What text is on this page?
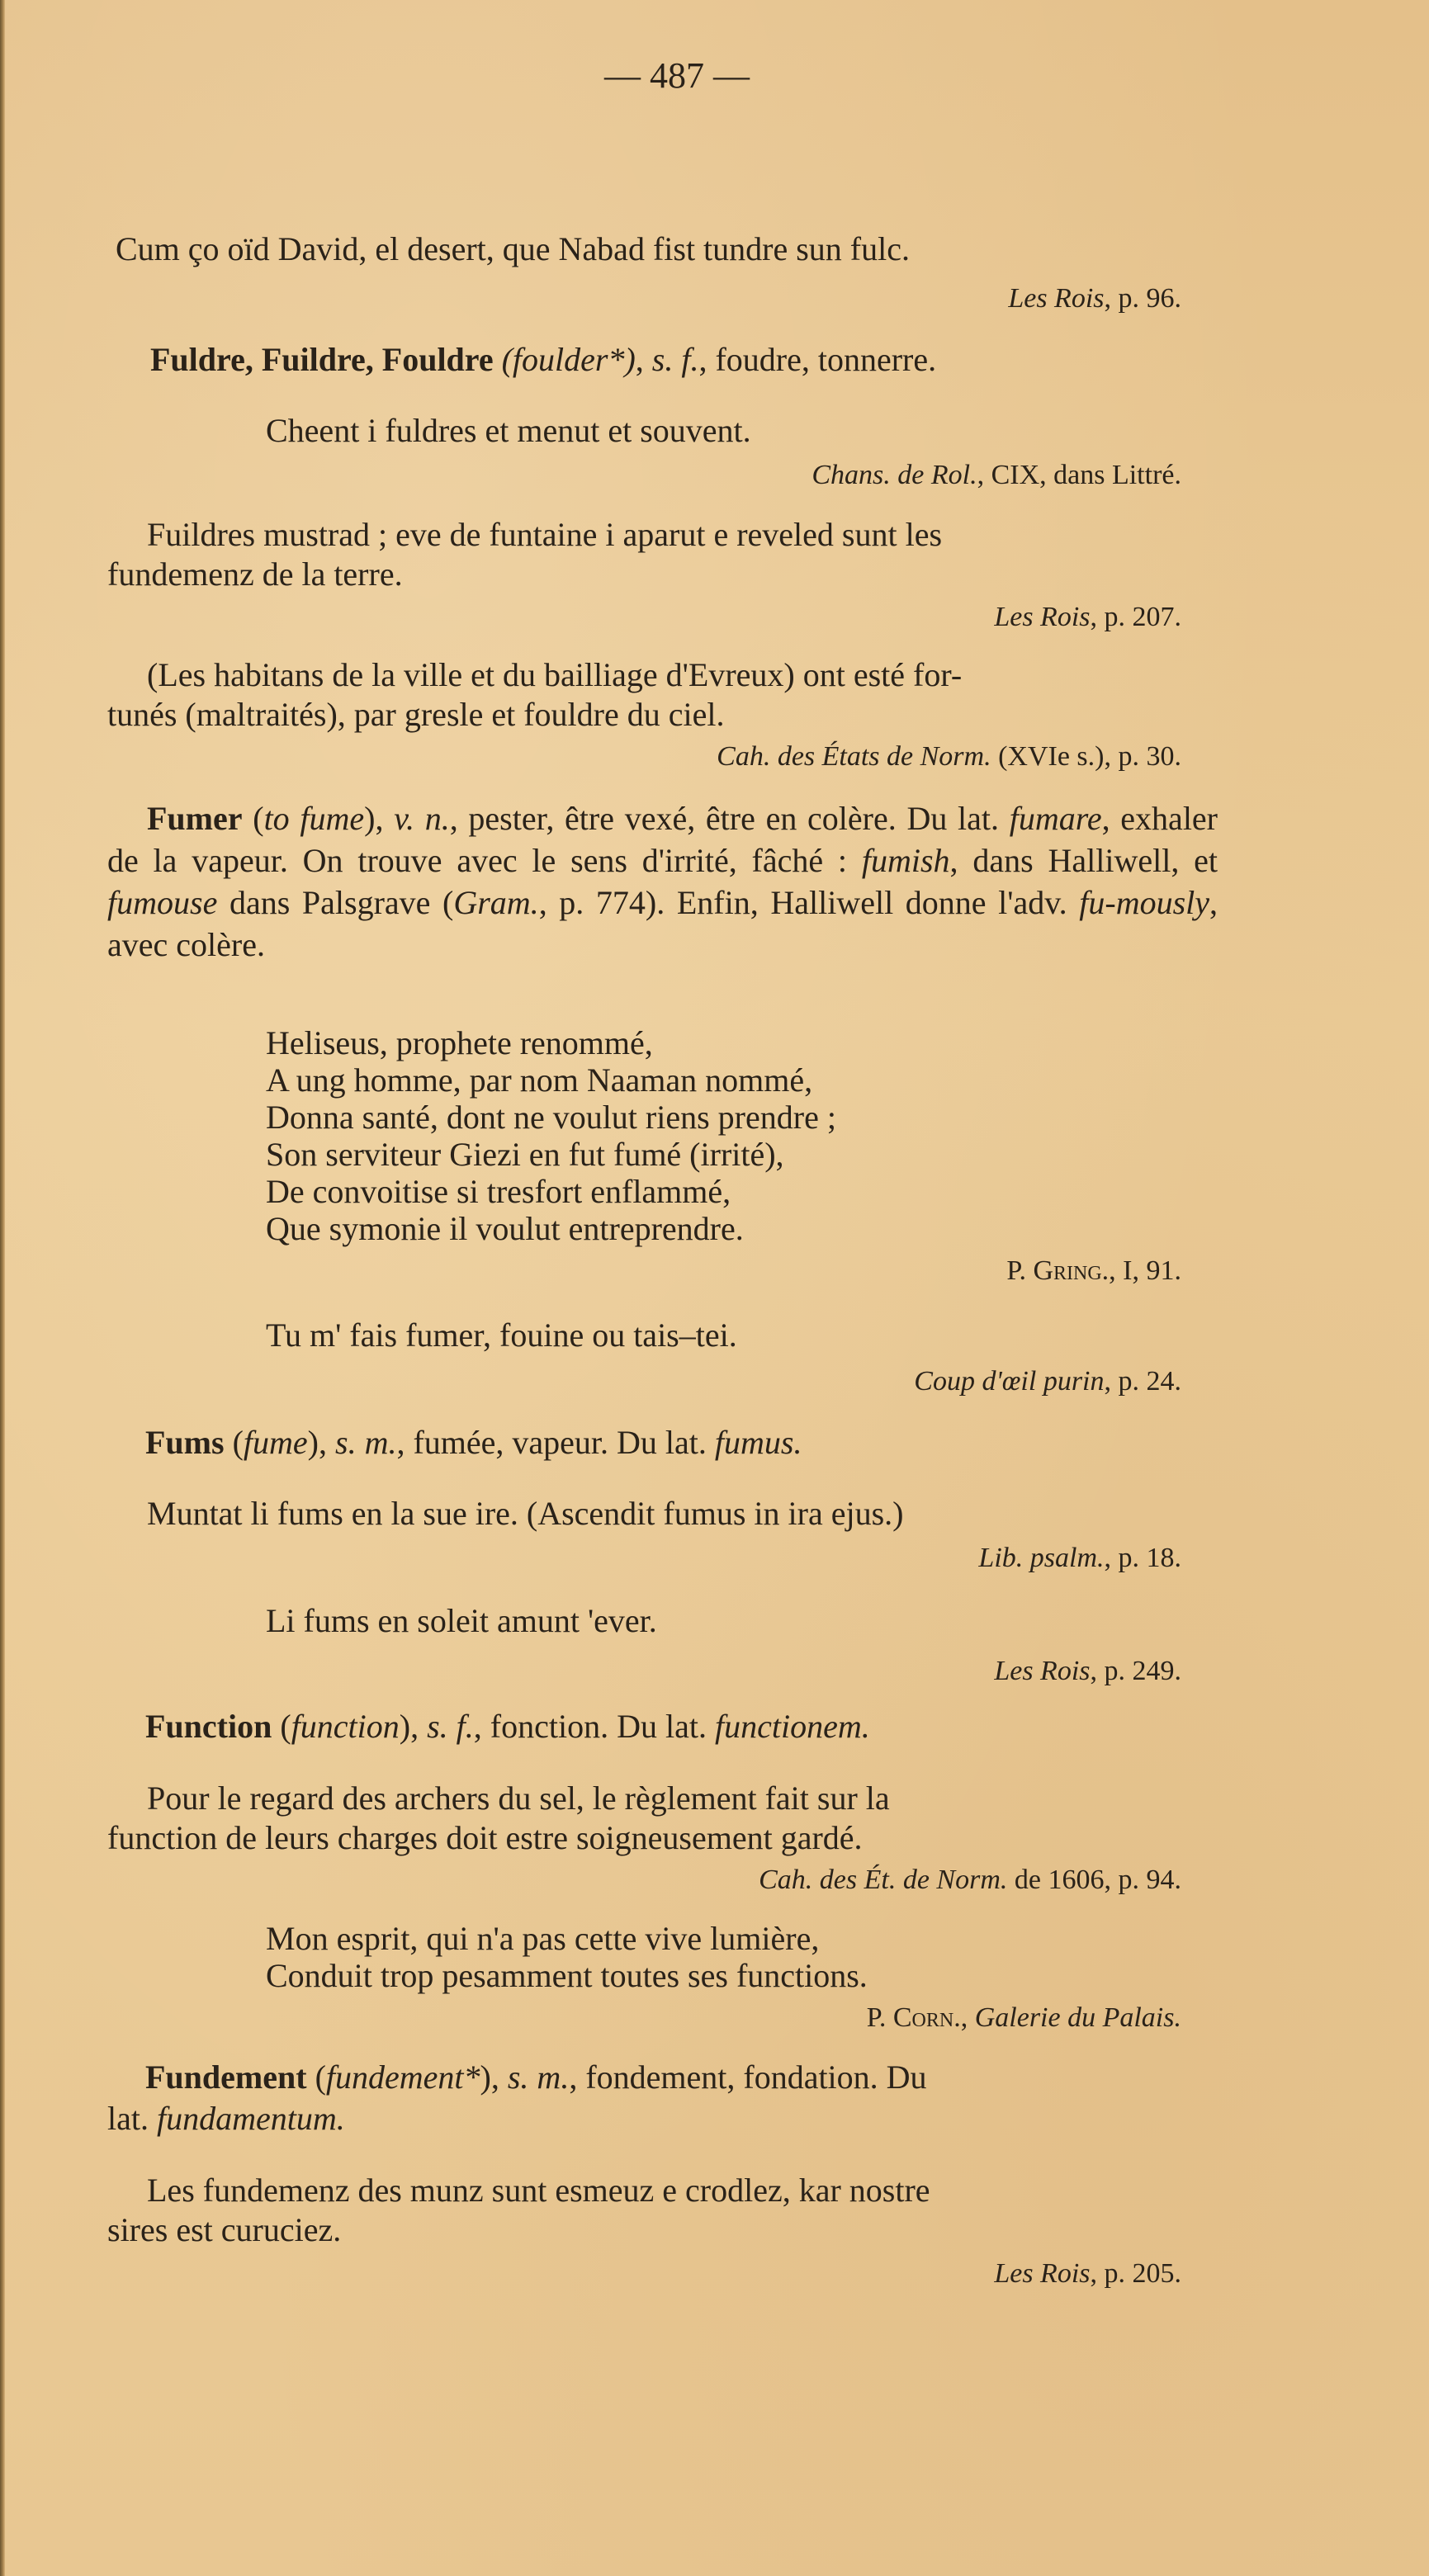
— 487 —
Cum ço oïd David, el desert, que Nabad fist tundre sun fulc.
Les Rois, p. 96.
Fuldre, Fuildre, Fouldre (foulder*), s. f., foudre, tonnerre.
Cheent i fuldres et menut et souvent.
Chans. de Rol., CIX, dans Littré.
Fuildres mustrad ; eve de funtaine i aparut e reveled sunt les
fundemenz de la terre.
Les Rois, p. 207.
(Les habitans de la ville et du bailliage d'Evreux) ont esté for-
tunés (maltraités), par gresle et fouldre du ciel.
Cah. des États de Norm. (XVIe s.), p. 30.
Fumer (to fume), v. n., pester, être vexé, être en colère. Du lat. fumare, exhaler de la vapeur. On trouve avec le sens d'irrité, fâché : fumish, dans Halliwell, et fumouse dans Palsgrave (Gram., p. 774). Enfin, Halliwell donne l'adv. fu-mously, avec colère.
Heliseus, prophete renommé,
A ung homme, par nom Naaman nommé,
Donna santé, dont ne voulut riens prendre ;
Son serviteur Giezi en fut fumé (irrité),
De convoitise si tresfort enflammé,
Que symonie il voulut entreprendre.
P. Gring., I, 91.
Tu m' fais fumer, fouine ou tais–tei.
Coup d'œil purin, p. 24.
Fums (fume), s. m., fumée, vapeur. Du lat. fumus.
Muntat li fums en la sue ire. (Ascendit fumus in ira ejus.)
Lib. psalm., p. 18.
Li fums en soleit amunt 'ever.
Les Rois, p. 249.
Function (function), s. f., fonction. Du lat. functionem.
Pour le regard des archers du sel, le règlement fait sur la
function de leurs charges doit estre soigneusement gardé.
Cah. des Ét. de Norm. de 1606, p. 94.
Mon esprit, qui n'a pas cette vive lumière,
Conduit trop pesamment toutes ses functions.
P. Corn., Galerie du Palais.
Fundement (fundement*), s. m., fondement, fondation. Du
lat. fundamentum.
Les fundemenz des munz sunt esmeuz e crodlez, kar nostre
sires est curuciez.
Les Rois, p. 205.
